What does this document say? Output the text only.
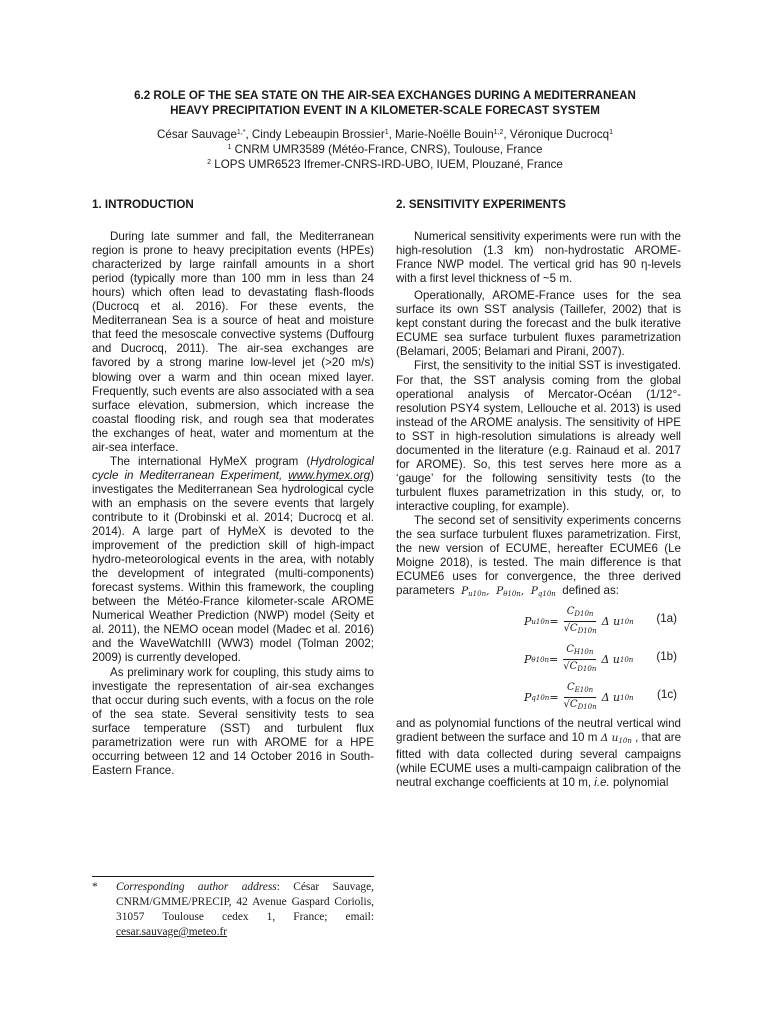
6.2 ROLE OF THE SEA STATE ON THE AIR-SEA EXCHANGES DURING A MEDITERRANEAN
HEAVY PRECIPITATION EVENT IN A KILOMETER-SCALE FORECAST SYSTEM
César Sauvage$^{1,*}$, Cindy Lebeaupin Brossier$^1$, Marie-Noëlle Bouin$^{1,2}$, Véronique Ducrocq$^1$
$^1$ CNRM UMR3589 (Météo-France, CNRS), Toulouse, France
$^2$ LOPS UMR6523 Ifremer-CNRS-IRD-UBO, IUEM, Plouzané, France
1. INTRODUCTION

During late summer and fall, the Mediterranean region is prone to heavy precipitation events (HPEs) characterized by large rainfall amounts in a short period (typically more than 100 mm in less than 24 hours) which often lead to devastating flash-floods (Ducrocq et al. 2016). For these events, the Mediterranean Sea is a source of heat and moisture that feed the mesoscale convective systems (Duffourg and Ducrocq, 2011). The air-sea exchanges are favored by a strong marine low-level jet (>20 m/s) blowing over a warm and thin ocean mixed layer. Frequently, such events are also associated with a sea surface elevation, submersion, which increase the coastal flooding risk, and rough sea that moderates the exchanges of heat, water and momentum at the air-sea interface.

The international HyMeX program (Hydrological cycle in Mediterranean Experiment, www.hymex.org) investigates the Mediterranean Sea hydrological cycle with an emphasis on the severe events that largely contribute to it (Drobinski et al. 2014; Ducrocq et al. 2014). A large part of HyMeX is devoted to the improvement of the prediction skill of high-impact hydro-meteorological events in the area, with notably the development of integrated (multi-components) forecast systems. Within this framework, the coupling between the Météo-France kilometer-scale AROME Numerical Weather Prediction (NWP) model (Seity et al. 2011), the NEMO ocean model (Madec et al. 2016) and the WaveWatchIII (WW3) model (Tolman 2002; 2009) is currently developed.

As preliminary work for coupling, this study aims to investigate the representation of air-sea exchanges that occur during such events, with a focus on the role of the sea state. Several sensitivity tests to sea surface temperature (SST) and turbulent flux parametrization were run with AROME for a HPE occurring between 12 and 14 October 2016 in South-Eastern France.

2. SENSITIVITY EXPERIMENTS

Numerical sensitivity experiments were run with the high-resolution (1.3 km) non-hydrostatic AROME-France NWP model. The vertical grid has 90 η-levels with a first level thickness of ~5 m.

Operationally, AROME-France uses for the sea surface its own SST analysis (Taillefer, 2002) that is kept constant during the forecast and the bulk iterative ECUME sea surface turbulent fluxes parametrization (Belamari, 2005; Belamari and Pirani, 2007).

First, the sensitivity to the initial SST is investigated. For that, the SST analysis coming from the global operational analysis of Mercator-Océan (1/12°-resolution PSY4 system, Lellouche et al. 2013) is used instead of the AROME analysis. The sensitivity of HPE to SST in high-resolution simulations is already well documented in the literature (e.g. Rainaud et al. 2017 for AROME). So, this test serves here more as a ‘gauge’ for the following sensitivity tests (to the turbulent fluxes parametrization in this study, or, to interactive coupling, for example).

The second set of sensitivity experiments concerns the sea surface turbulent fluxes parametrization. First, the new version of ECUME, hereafter ECUME6 (Le Moigne 2018), is tested. The main difference is that ECUME6 uses for convergence, the three derived parameters $P_{u10n}$,  $P_{\theta 10n}$,  $P_{q10n}$  defined as:

P $u10n = \frac{C_{D10n}}{√C_{D10n}}$ Δ u 10n (1a)
P $\theta 10n = \frac{C_{H10n}}{√C_{D10n}}$ Δ u 10n (1b)
P $q10n = \frac{C_{E10n}}{√C_{D10n}}$ Δ u 10n (1c)

and as polynomial functions of the neutral vertical wind gradient between the surface and 10 m Δ $u_{10n}$ , that are fitted with data collected during several campaigns (while ECUME uses a multi-campaign calibration of the neutral exchange coefficients at 10 m, i.e. polynomial

* Corresponding author address: César Sauvage, CNRM/GMME/PRECIP, 42 Avenue Gaspard Coriolis, 31057 Toulouse cedex 1, France; email: cesar.sauvage@meteo.fr
